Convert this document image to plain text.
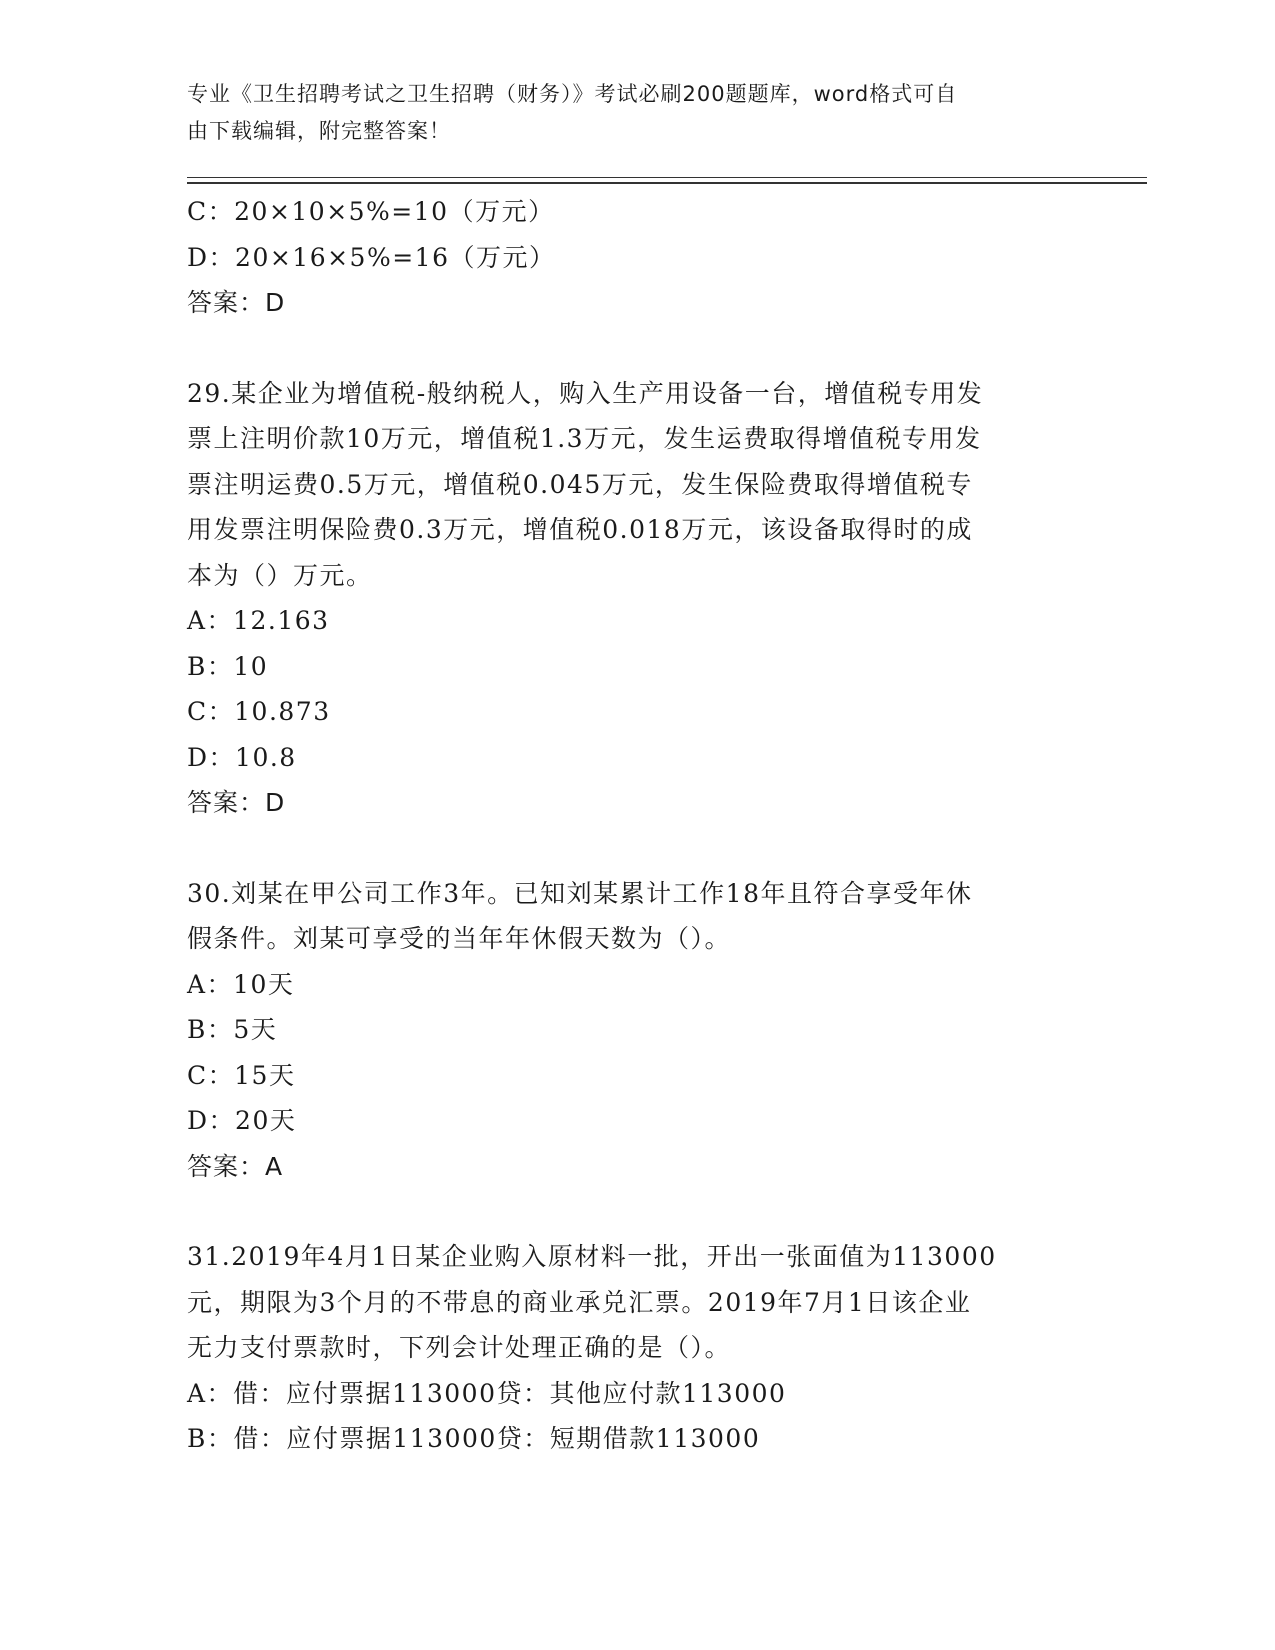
专业《卫生招聘考试之卫生招聘（财务）》考试必刷200题题库，word格式可自

由下载编辑，附完整答案！

C：20×10×5%=10（万元）

D：20×16×5%=16（万元）

答案：D

29.某企业为增值税-般纳税人，购入生产用设备一台，增值税专用发

票上注明价款10万元，增值税1.3万元，发生运费取得增值税专用发

票注明运费0.5万元，增值税0.045万元，发生保险费取得增值税专

用发票注明保险费0.3万元，增值税0.018万元，该设备取得时的成

本为（）万元。

A：12.163

B：10

C：10.873

D：10.8

答案：D

30.刘某在甲公司工作3年。已知刘某累计工作18年且符合享受年休

假条件。刘某可享受的当年年休假天数为（）。

A：10天

B：5天

C：15天

D：20天

答案：A

31.2019年4月1日某企业购入原材料一批，开出一张面值为113000

元，期限为3个月的不带息的商业承兑汇票。2019年7月1日该企业

无力支付票款时，下列会计处理正确的是（）。

A：借：应付票据113000贷：其他应付款113000

B：借：应付票据113000贷：短期借款113000
